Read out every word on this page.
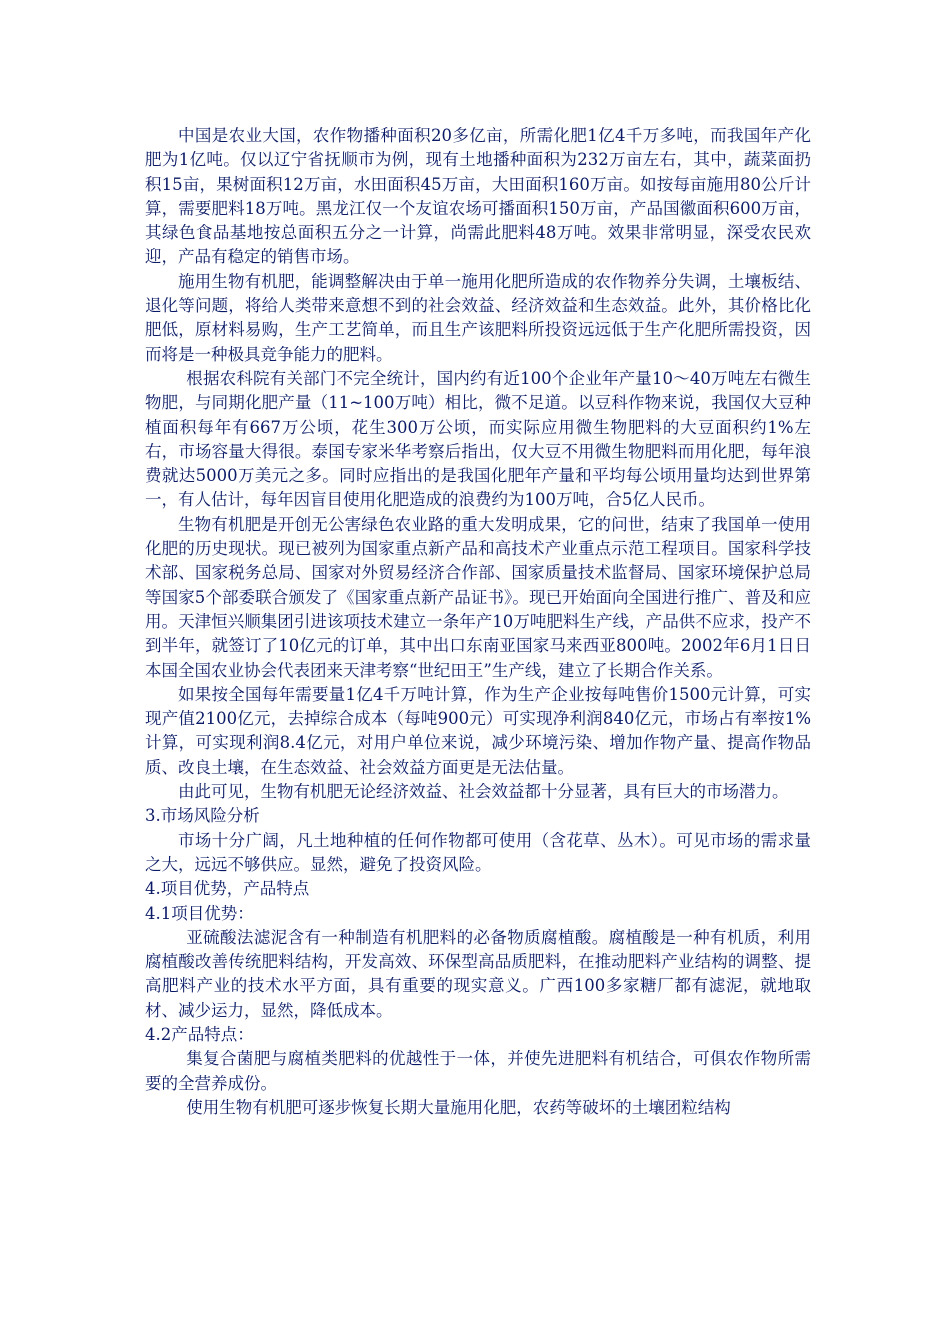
中国是农业大国，农作物播种面积20多亿亩，所需化肥1亿4千万多吨，而我国年产化肥为1亿吨。仅以辽宁省抚顺市为例，现有土地播种面积为232万亩左右，其中，蔬菜面扔积15亩，果树面积12万亩，水田面积45万亩，大田面积160万亩。如按每亩施用80公斤计算，需要肥料18万吨。黑龙江仅一个友谊农场可播面积150万亩，产品国徽面积600万亩，其绿色食品基地按总面积五分之一计算，尚需此肥料48万吨。效果非常明显，深受农民欢迎，产品有稳定的销售市场。

施用生物有机肥，能调整解决由于单一施用化肥所造成的农作物养分失调，土壤板结、退化等问题，将给人类带来意想不到的社会效益、经济效益和生态效益。此外，其价格比化肥低，原材料易购，生产工艺简单，而且生产该肥料所投资远远低于生产化肥所需投资，因而将是一种极具竞争能力的肥料。

根据农科院有关部门不完全统计，国内约有近100个企业年产量10～40万吨左右微生物肥，与同期化肥产量（11~100万吨）相比，微不足道。以豆科作物来说，我国仅大豆种植面积每年有667万公顷，花生300万公顷，而实际应用微生物肥料的大豆面积约1%左右，市场容量大得很。泰国专家米华考察后指出，仅大豆不用微生物肥料而用化肥，每年浪费就达5000万美元之多。同时应指出的是我国化肥年产量和平均每公顷用量均达到世界第一，有人估计，每年因盲目使用化肥造成的浪费约为100万吨，合5亿人民币。

生物有机肥是开创无公害绿色农业路的重大发明成果，它的问世，结束了我国单一使用化肥的历史现状。现已被列为国家重点新产品和高技术产业重点示范工程项目。国家科学技术部、国家税务总局、国家对外贸易经济合作部、国家质量技术监督局、国家环境保护总局等国家5个部委联合颁发了《国家重点新产品证书》。现已开始面向全国进行推广、普及和应用。天津恒兴顺集团引进该项技术建立一条年产10万吨肥料生产线，产品供不应求，投产不到半年，就签订了10亿元的订单，其中出口东南亚国家马来西亚800吨。2002年6月1日日本国全国农业协会代表团来天津考察“世纪田王”生产线，建立了长期合作关系。

如果按全国每年需要量1亿4千万吨计算，作为生产企业按每吨售价1500元计算，可实现产值2100亿元，去掉综合成本（每吨900元）可实现净利润840亿元，市场占有率按1%计算，可实现利润8.4亿元，对用户单位来说，减少环境污染、增加作物产量、提高作物品质、改良土壤，在生态效益、社会效益方面更是无法估量。

由此可见，生物有机肥无论经济效益、社会效益都十分显著，具有巨大的市场潜力。

3.市场风险分析

市场十分广阔，凡土地种植的任何作物都可使用（含花草、丛木）。可见市场的需求量之大，远远不够供应。显然，避免了投资风险。

4.项目优势，产品特点

4.1项目优势：

亚硫酸法滤泥含有一种制造有机肥料的必备物质腐植酸。腐植酸是一种有机质，利用腐植酸改善传统肥料结构，开发高效、环保型高品质肥料，在推动肥料产业结构的调整、提高肥料产业的技术水平方面，具有重要的现实意义。广西100多家糖厂都有滤泥，就地取材、减少运力，显然，降低成本。

4.2产品特点：

集复合菌肥与腐植类肥料的优越性于一体，并使先进肥料有机结合，可俱农作物所需要的全营养成份。

使用生物有机肥可逐步恢复长期大量施用化肥，农药等破坏的土壤团粒结构
